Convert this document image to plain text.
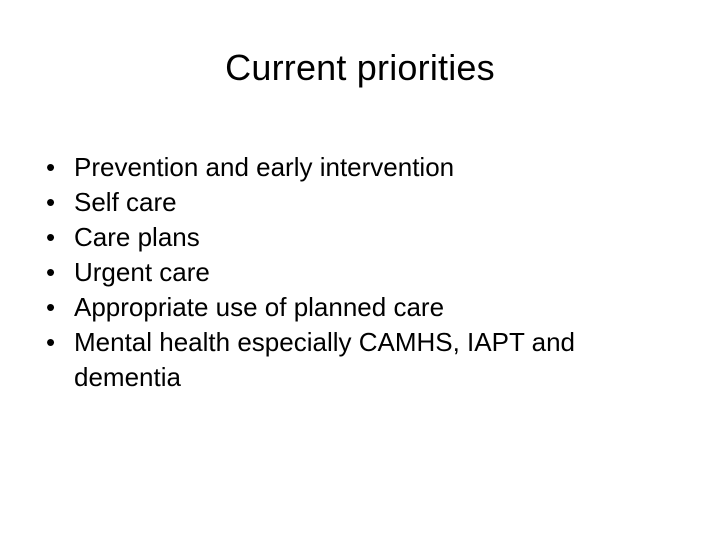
Current priorities
• Prevention and early intervention
• Self care
• Care plans
• Urgent care
• Appropriate use of planned care
• Mental health especially CAMHS, IAPT and dementia
